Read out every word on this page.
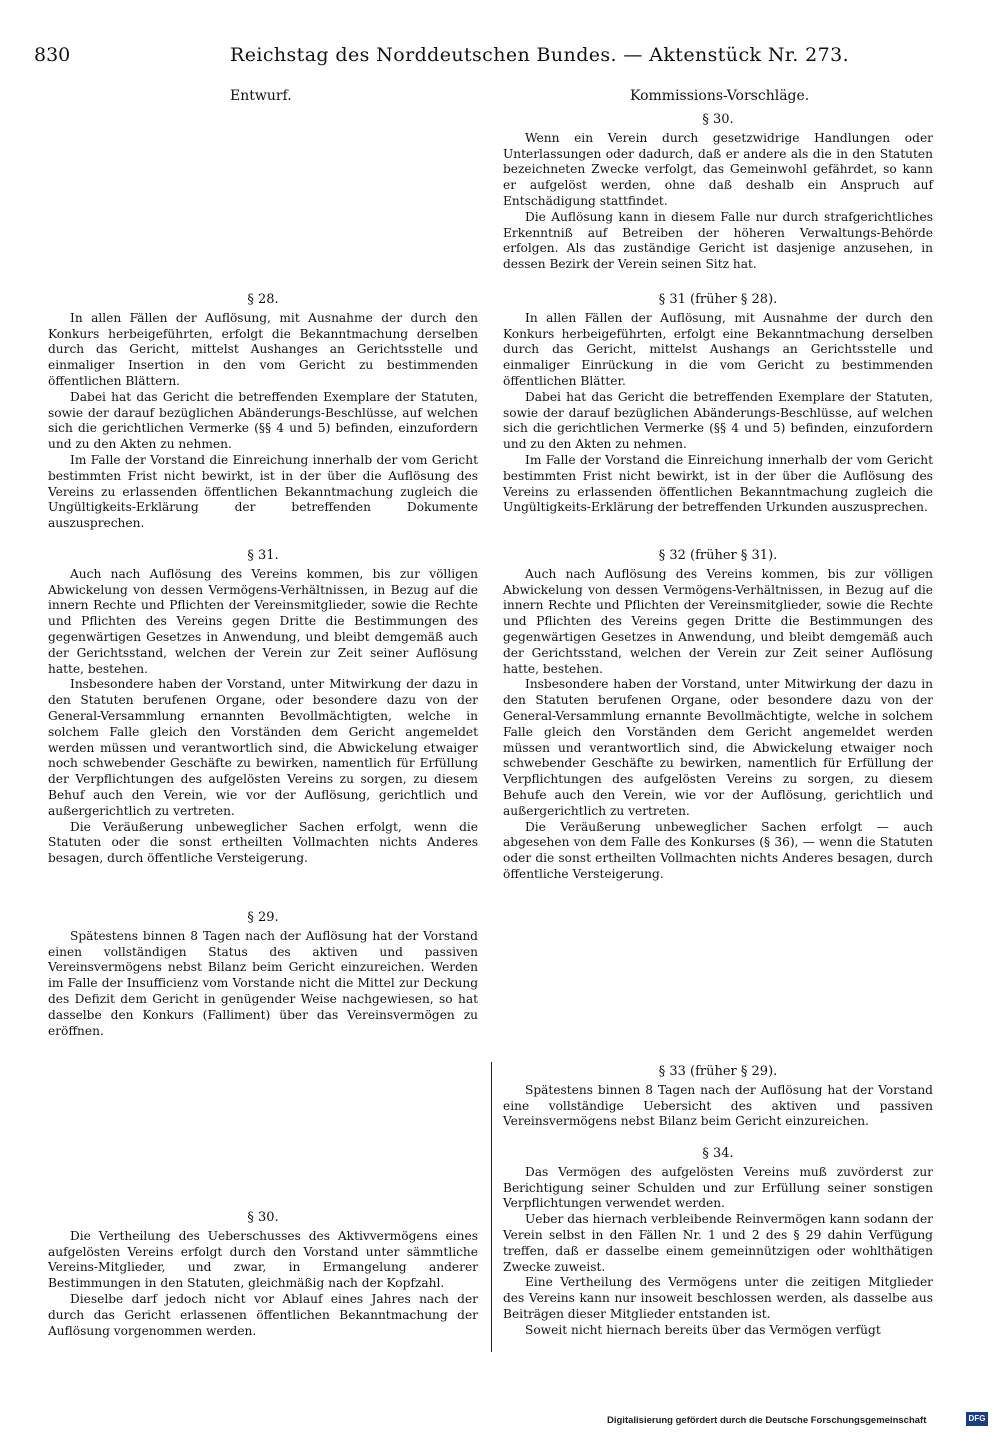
830	Reichstag des Norddeutschen Bundes. — Aktenstück Nr. 273.
Entwurf.	Kommissions-Vorschläge.
§ 30.

Wenn ein Verein durch gesetzwidrige Handlungen oder Unterlassungen oder dadurch, daß er andere als die in den Statuten bezeichneten Zwecke verfolgt, das Gemeinwohl gefährdet, so kann er aufgelöst werden, ohne daß deshalb ein Anspruch auf Entschädigung stattfindet.

Die Auflösung kann in diesem Falle nur durch strafgerichtliches Erkenntniß auf Betreiben der höheren Verwaltungs-Behörde erfolgen. Als das zuständige Gericht ist dasjenige anzusehen, in dessen Bezirk der Verein seinen Sitz hat.

§ 31 (früher § 28).

In allen Fällen der Auflösung, mit Ausnahme der durch den Konkurs herbeigeführten, erfolgt eine Bekanntmachung derselben durch das Gericht, mittelst Aushangs an Gerichtsstelle und einmaliger Einrückung in die vom Gericht zu bestimmenden öffentlichen Blätter.

Dabei hat das Gericht die betreffenden Exemplare der Statuten, sowie der darauf bezüglichen Abänderungs-Beschlüsse, auf welchen sich die gerichtlichen Vermerke (§§ 4 und 5) befinden, einzufordern und zu den Akten zu nehmen.

Im Falle der Vorstand die Einreichung innerhalb der vom Gericht bestimmten Frist nicht bewirkt, ist in der über die Auflösung des Vereins zu erlassenden öffentlichen Bekanntmachung zugleich die Ungültigkeits-Erklärung der betreffenden Urkunden auszusprechen.

§ 32 (früher § 31).

Auch nach Auflösung des Vereins kommen, bis zur völligen Abwickelung von dessen Vermögens-Verhältnissen, in Bezug auf die innern Rechte und Pflichten der Vereinsmitglieder, sowie die Rechte und Pflichten des Vereins gegen Dritte die Bestimmungen des gegenwärtigen Gesetzes in Anwendung, und bleibt demgemäß auch der Gerichtsstand, welchen der Verein zur Zeit seiner Auflösung hatte, bestehen.

Insbesondere haben der Vorstand, unter Mitwirkung der dazu in den Statuten berufenen Organe, oder besondere dazu von der General-Versammlung ernannte Bevollmächtigte, welche in solchem Falle gleich den Vorständen dem Gericht angemeldet werden müssen und verantwortlich sind, die Abwickelung etwaiger noch schwebender Geschäfte zu bewirken, namentlich für Erfüllung der Verpflichtungen des aufgelösten Vereins zu sorgen, zu diesem Behufe auch den Verein, wie vor der Auflösung, gerichtlich und außergerichtlich zu vertreten.

Die Veräußerung unbeweglicher Sachen erfolgt — auch abgesehen von dem Falle des Konkurses (§ 36), — wenn die Statuten oder die sonst ertheilten Vollmachten nichts Anderes besagen, durch öffentliche Versteigerung.

§ 33 (früher § 29).

Spätestens binnen 8 Tagen nach der Auflösung hat der Vorstand eine vollständige Uebersicht des aktiven und passiven Vereinsvermögens nebst Bilanz beim Gericht einzureichen.

§ 34.

Das Vermögen des aufgelösten Vereins muß zuvörderst zur Berichtigung seiner Schulden und zur Erfüllung seiner sonstigen Verpflichtungen verwendet werden.

Ueber das hiernach verbleibende Reinvermögen kann sodann der Verein selbst in den Fällen Nr. 1 und 2 des § 29 dahin Verfügung treffen, daß er dasselbe einem gemeinnützigen oder wohlthätigen Zwecke zuweist.

Eine Vertheilung des Vermögens unter die zeitigen Mitglieder des Vereins kann nur insoweit beschlossen werden, als dasselbe aus Beiträgen dieser Mitglieder entstanden ist.

Soweit nicht hiernach bereits über das Vermögen verfügt

§ 28.

In allen Fällen der Auflösung, mit Ausnahme der durch den Konkurs herbeigeführten, erfolgt die Bekanntmachung derselben durch das Gericht, mittelst Aushanges an Gerichtsstelle und einmaliger Insertion in den vom Gericht zu bestimmenden öffentlichen Blättern.

Dabei hat das Gericht die betreffenden Exemplare der Statuten, sowie der darauf bezüglichen Abänderungs-Beschlüsse, auf welchen sich die gerichtlichen Vermerke (§§ 4 und 5) befinden, einzufordern und zu den Akten zu nehmen.

Im Falle der Vorstand die Einreichung innerhalb der vom Gericht bestimmten Frist nicht bewirkt, ist in der über die Auflösung des Vereins zu erlassenden öffentlichen Bekanntmachung zugleich die Ungültigkeits-Erklärung der betreffenden Dokumente auszusprechen.

§ 31.

Auch nach Auflösung des Vereins kommen, bis zur völligen Abwickelung von dessen Vermögens-Verhältnissen, in Bezug auf die innern Rechte und Pflichten der Vereinsmitglieder, sowie die Rechte und Pflichten des Vereins gegen Dritte die Bestimmungen des gegenwärtigen Gesetzes in Anwendung, und bleibt demgemäß auch der Gerichtsstand, welchen der Verein zur Zeit seiner Auflösung hatte, bestehen.

Insbesondere haben der Vorstand, unter Mitwirkung der dazu in den Statuten berufenen Organe, oder besondere dazu von der General-Versammlung ernannten Bevollmächtigten, welche in solchem Falle gleich den Vorständen dem Gericht angemeldet werden müssen und verantwortlich sind, die Abwickelung etwaiger noch schwebender Geschäfte zu bewirken, namentlich für Erfüllung der Verpflichtungen des aufgelösten Vereins zu sorgen, zu diesem Behuf auch den Verein, wie vor der Auflösung, gerichtlich und außergerichtlich zu vertreten.

Die Veräußerung unbeweglicher Sachen erfolgt, wenn die Statuten oder die sonst ertheilten Vollmachten nichts Anderes besagen, durch öffentliche Versteigerung.

§ 29.

Spätestens binnen 8 Tagen nach der Auflösung hat der Vorstand einen vollständigen Status des aktiven und passiven Vereinsvermögens nebst Bilanz beim Gericht einzureichen. Werden im Falle der Insufficienz vom Vorstande nicht die Mittel zur Deckung des Defizit dem Gericht in genügender Weise nachgewiesen, so hat dasselbe den Konkurs (Falliment) über das Vereinsvermögen zu eröffnen.

§ 30.

Die Vertheilung des Ueberschusses des Aktivvermögens eines aufgelösten Vereins erfolgt durch den Vorstand unter sämmtliche Vereins-Mitglieder, und zwar, in Ermangelung anderer Bestimmungen in den Statuten, gleichmäßig nach der Kopfzahl.

Dieselbe darf jedoch nicht vor Ablauf eines Jahres nach der durch das Gericht erlassenen öffentlichen Bekanntmachung der Auflösung vorgenommen werden.

Digitalisierung gefördert durch die Deutsche Forschungsgemeinschaft	DFG
